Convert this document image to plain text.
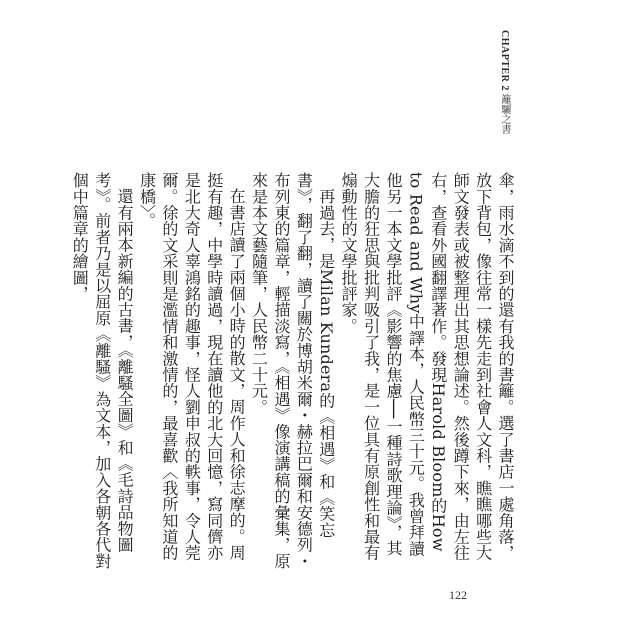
CHAPTER 2 籬驪之書

傘，雨水滴不到的還有我的書籬。選了書店一處角落，放下背包，像往常一樣先走到社會人文科，瞧瞧哪些大師文發表或被整理出其思想論述。然後蹲下來，由左往右，查看外國翻譯著作。發現Harold Bloom的How to Read and Why中譯本，人民幣三十元。我曾拜讀他另一本文學批評《影響的焦慮──一種詩歌理論》，其大膽的狂思與批判吸引了我，是一位具有原創性和最有煽動性的文學批評家。

再過去，是Milan Kundera的《相遇》和《笑忘書》，翻了翻，讀了關於博胡米爾・赫拉巴爾和安德列・布列東的篇章，輕描淡寫，《相遇》像演講稿的彙集，原來是本文藝隨筆，人民幣二十元。

在書店讀了兩個小時的散文，周作人和徐志摩的。周挺有趣，中學時讀過，現在讀他的北大回憶，寫同儕亦是北大奇人辜鴻銘的趣事，怪人劉申叔的軼事，令人莞爾。徐的文采則是濫情和激情的，最喜歡〈我所知道的康橋〉。

還有兩本新編的古書，《離騷全圖》和《毛詩品物圖考》。前者乃是以屈原《離騷》為文本，加入各朝各代對個中篇章的繪圖，

122
